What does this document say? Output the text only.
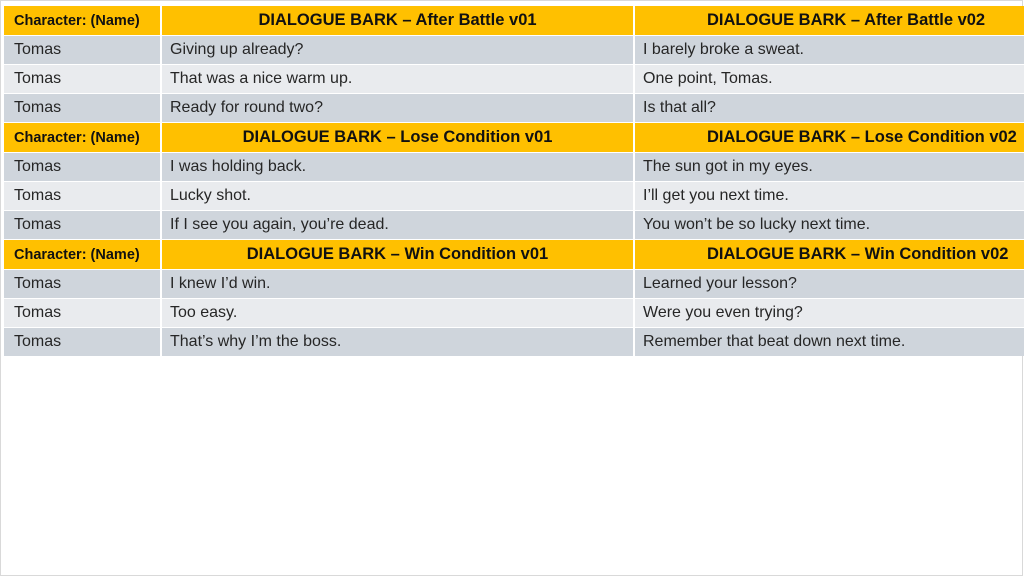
Character: (Name)	DIALOGUE BARK – After Battle v01	DIALOGUE BARK – After Battle v02
Tomas	Giving up already?	I barely broke a sweat.
Tomas	That was a nice warm up.	One point, Tomas.
Tomas	Ready for round two?	Is that all?
Character: (Name)	DIALOGUE BARK – Lose Condition v01	DIALOGUE BARK – Lose Condition v02
Tomas	I was holding back.	The sun got in my eyes.
Tomas	Lucky shot.	I’ll get you next time.
Tomas	If I see you again, you’re dead.	You won’t be so lucky next time.
Character: (Name)	DIALOGUE BARK – Win Condition v01	DIALOGUE BARK – Win Condition v02
Tomas	I knew I’d win.	Learned your lesson?
Tomas	Too easy.	Were you even trying?
Tomas	That’s why I’m the boss.	Remember that beat down next time.
